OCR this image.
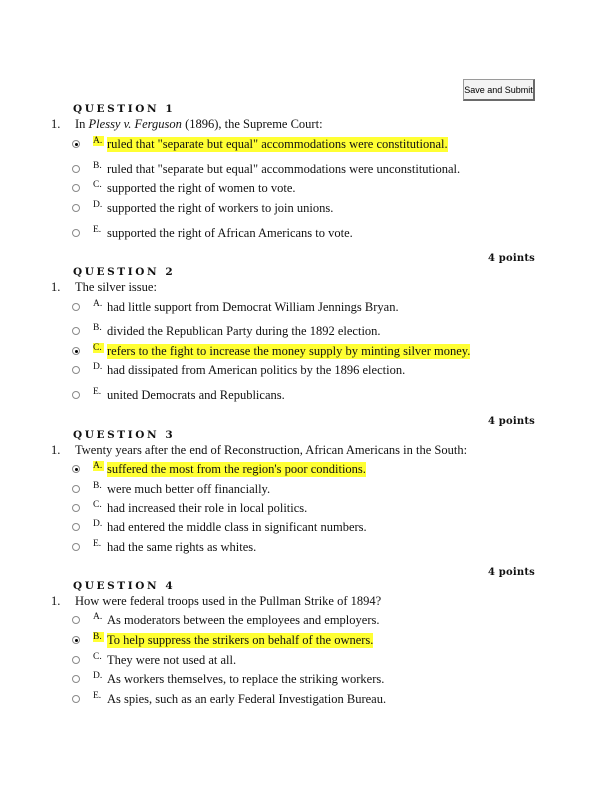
Save and Submit
QUESTION 1
1. In Plessy v. Ferguson (1896), the Supreme Court:
A. ruled that "separate but equal" accommodations were constitutional.
B. ruled that "separate but equal" accommodations were unconstitutional.
C. supported the right of women to vote.
D. supported the right of workers to join unions.
E. supported the right of African Americans to vote.
4 points
QUESTION 2
1. The silver issue:
A. had little support from Democrat William Jennings Bryan.
B. divided the Republican Party during the 1892 election.
C. refers to the fight to increase the money supply by minting silver money.
D. had dissipated from American politics by the 1896 election.
E. united Democrats and Republicans.
4 points
QUESTION 3
1. Twenty years after the end of Reconstruction, African Americans in the South:
A. suffered the most from the region's poor conditions.
B. were much better off financially.
C. had increased their role in local politics.
D. had entered the middle class in significant numbers.
E. had the same rights as whites.
4 points
QUESTION 4
1. How were federal troops used in the Pullman Strike of 1894?
A. As moderators between the employees and employers.
B. To help suppress the strikers on behalf of the owners.
C. They were not used at all.
D. As workers themselves, to replace the striking workers.
E. As spies, such as an early Federal Investigation Bureau.
